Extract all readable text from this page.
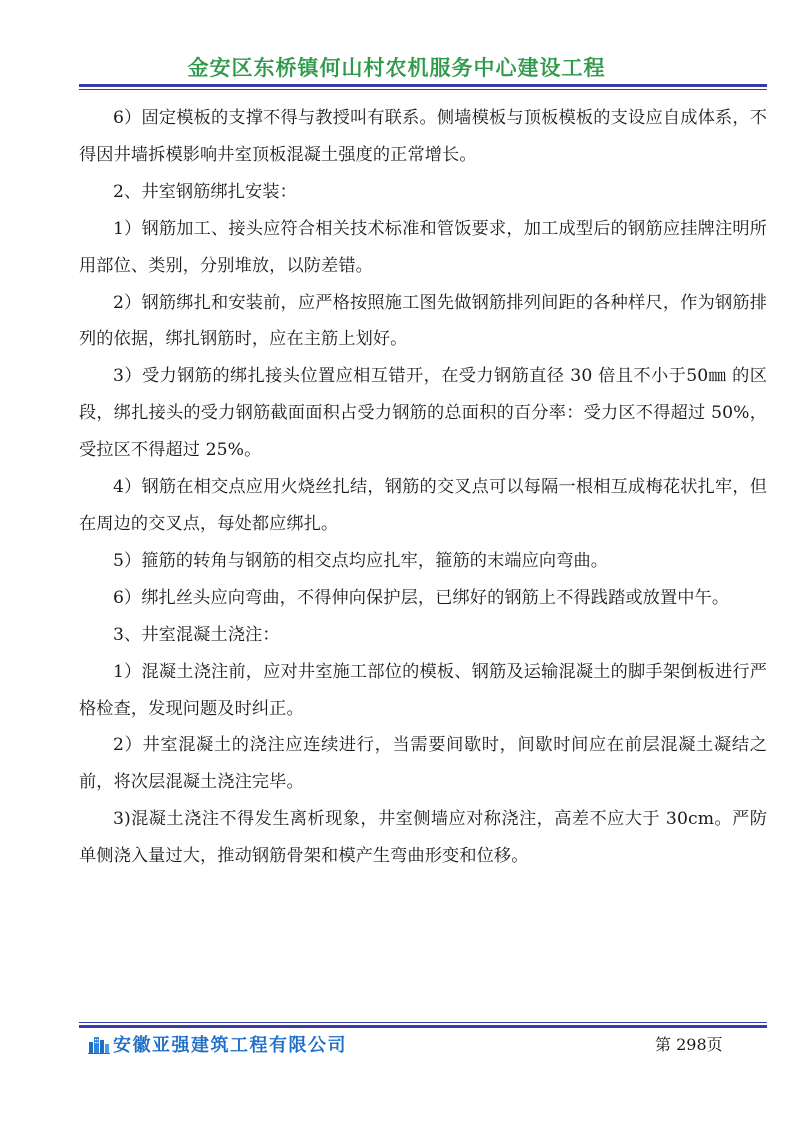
金安区东桥镇何山村农机服务中心建设工程

6）固定模板的支撑不得与教授叫有联系。侧墙模板与顶板模板的支设应自成体系，不得因井墙拆模影响井室顶板混凝土强度的正常增长。

2、井室钢筋绑扎安装：

1）钢筋加工、接头应符合相关技术标准和管饭要求，加工成型后的钢筋应挂牌注明所用部位、类别，分别堆放，以防差错。

2）钢筋绑扎和安装前，应严格按照施工图先做钢筋排列间距的各种样尺，作为钢筋排列的依据，绑扎钢筋时，应在主筋上划好。

3）受力钢筋的绑扎接头位置应相互错开，在受力钢筋直径 30 倍且不小于50㎜ 的区段，绑扎接头的受力钢筋截面面积占受力钢筋的总面积的百分率：受力区不得超过 50%，受拉区不得超过 25%。

4）钢筋在相交点应用火烧丝扎结，钢筋的交叉点可以每隔一根相互成梅花状扎牢，但在周边的交叉点，每处都应绑扎。

5）箍筋的转角与钢筋的相交点均应扎牢，箍筋的末端应向弯曲。

6）绑扎丝头应向弯曲，不得伸向保护层，已绑好的钢筋上不得践踏或放置中午。

3、井室混凝土浇注：

1）混凝土浇注前，应对井室施工部位的模板、钢筋及运输混凝土的脚手架倒板进行严格检查，发现问题及时纠正。

2）井室混凝土的浇注应连续进行，当需要间歇时，间歇时间应在前层混凝土凝结之前，将次层混凝土浇注完毕。

3)混凝土浇注不得发生离析现象，井室侧墙应对称浇注，高差不应大于 30cm。严防单侧浇入量过大，推动钢筋骨架和模产生弯曲形变和位移。

安徽亚强建筑工程有限公司	第 298页
